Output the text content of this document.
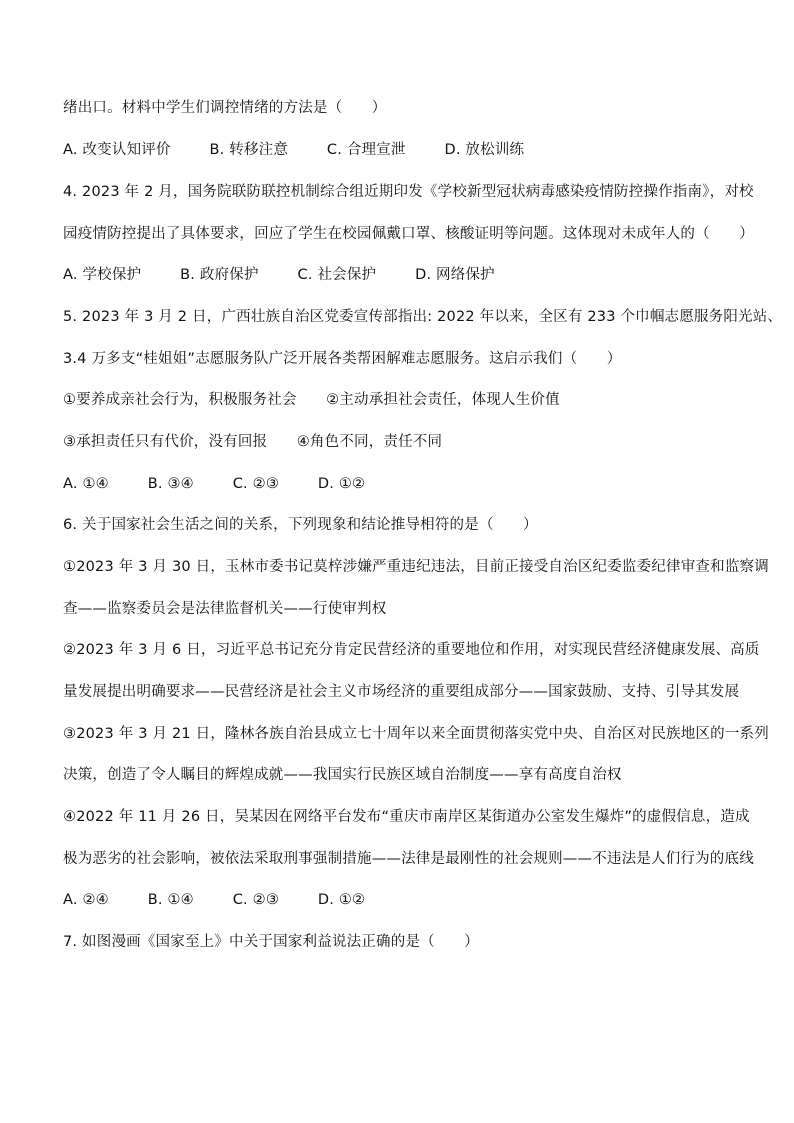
绪出口。材料中学生们调控情绪的方法是（　　）
A. 改变认知评价	B. 转移注意	C. 合理宣泄	D. 放松训练
4. 2023 年 2 月，国务院联防联控机制综合组近期印发《学校新型冠状病毒感染疫情防控操作指南》，对校
园疫情防控提出了具体要求，回应了学生在校园佩戴口罩、核酸证明等问题。这体现对未成年人的（　　）
A. 学校保护	B. 政府保护	C. 社会保护	D. 网络保护
5. 2023 年 3 月 2 日，广西壮族自治区党委宣传部指出: 2022 年以来，全区有 233 个巾帼志愿服务阳光站、
3.4 万多支“桂姐姐”志愿服务队广泛开展各类帮困解难志愿服务。这启示我们（　　）
①要养成亲社会行为，积极服务社会　　②主动承担社会责任，体现人生价值
③承担责任只有代价，没有回报　　④角色不同，责任不同
A. ①④	B. ③④	C. ②③	D. ①②
6. 关于国家社会生活之间的关系，下列现象和结论推导相符的是（　　）
①2023 年 3 月 30 日，玉林市委书记莫梓涉嫌严重违纪违法，目前正接受自治区纪委监委纪律审查和监察调
查——监察委员会是法律监督机关——行使审判权
②2023 年 3 月 6 日，习近平总书记充分肯定民营经济的重要地位和作用，对实现民营经济健康发展、高质
量发展提出明确要求——民营经济是社会主义市场经济的重要组成部分——国家鼓励、支持、引导其发展
③2023 年 3 月 21 日，隆林各族自治县成立七十周年以来全面贯彻落实党中央、自治区对民族地区的一系列
决策，创造了令人瞩目的辉煌成就——我国实行民族区域自治制度——享有高度自治权
④2022 年 11 月 26 日，吴某因在网络平台发布“重庆市南岸区某街道办公室发生爆炸”的虚假信息，造成
极为恶劣的社会影响，被依法采取刑事强制措施——法律是最刚性的社会规则——不违法是人们行为的底线
A. ②④	B. ①④	C. ②③	D. ①②
7. 如图漫画《国家至上》中关于国家利益说法正确的是（　　）
